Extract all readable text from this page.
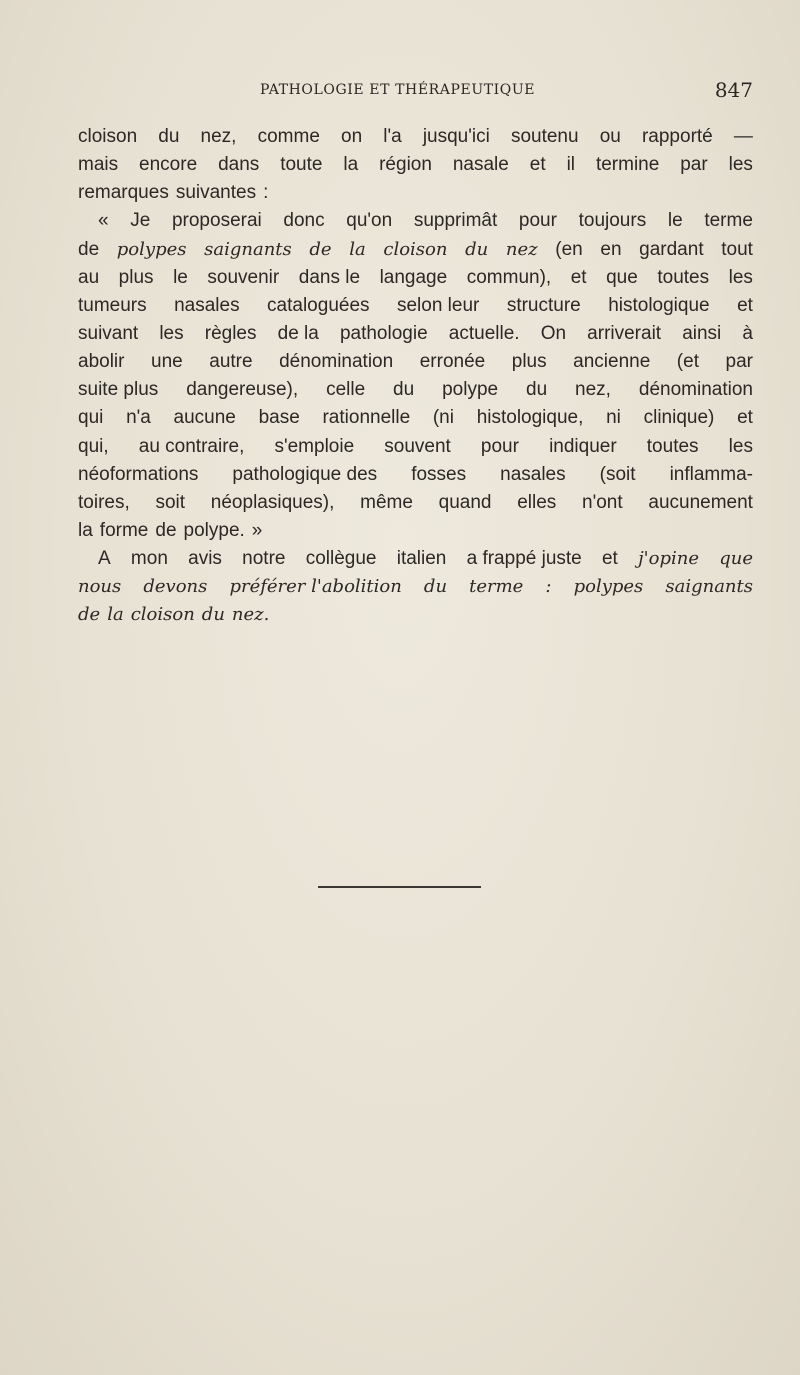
PATHOLOGIE ET THÉRAPEUTIQUE	847
cloison du nez, comme on l'a jusqu'ici soutenu ou rapporté —
mais encore dans toute la région nasale et il termine par les
remarques suivantes :
« Je proposerai donc qu'on supprimât pour toujours le terme
de polypes saignants de la cloison du nez (en en gardant tout
au plus le souvenir dans le langage commun), et que toutes les
tumeurs nasales cataloguées selon leur structure histologique et
suivant les règles de la pathologie actuelle. On arriverait ainsi à
abolir une autre dénomination erronée plus ancienne (et par
suite plus dangereuse), celle du polype du nez, dénomination
qui n'a aucune base rationnelle (ni histologique, ni clinique) et
qui, au contraire, s'emploie souvent pour indiquer toutes les
néoformations pathologique des fosses nasales (soit inflamma-
toires, soit néoplasiques), même quand elles n'ont aucunement
la forme de polype. »
A mon avis notre collègue italien a frappé juste et j'opine que
nous devons préférer l'abolition du terme : polypes saignants
de la cloison du nez.
